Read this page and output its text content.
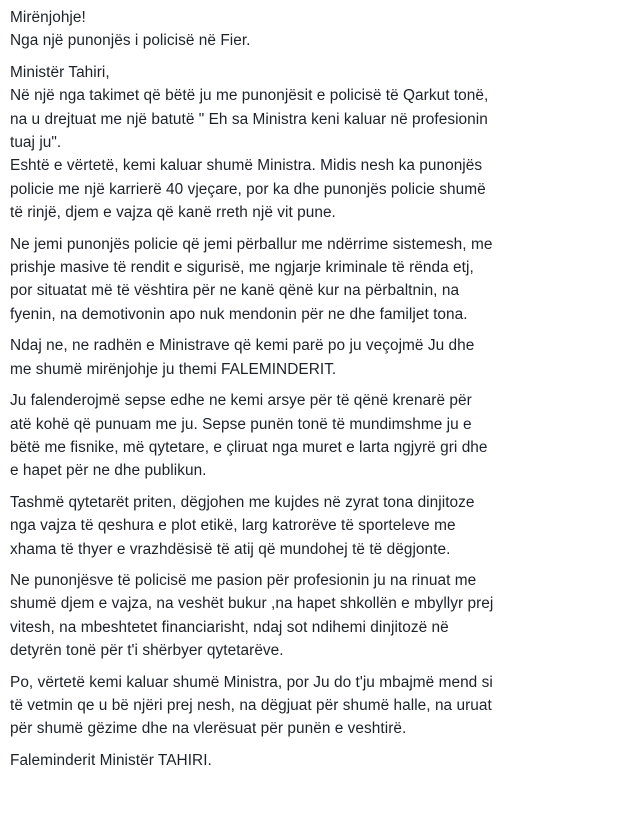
Mirënjohje!
Nga një punonjës i policisë në Fier.
Ministër Tahiri,
Në një nga takimet që bëtë ju me punonjësit e policisë të Qarkut tonë,
na u drejtuat me një batutë " Eh sa Ministra keni kaluar në profesionin
tuaj ju".
Eshtë e vërtetë, kemi kaluar shumë Ministra. Midis nesh ka punonjës
policie me një karrierë 40 vjeçare, por ka dhe punonjës policie shumë
të rinjë, djem e vajza që kanë rreth një vit pune.
Ne jemi punonjës policie që jemi përballur me ndërrime sistemesh, me
prishje masive të rendit e sigurisë, me ngjarje kriminale të rënda etj,
por situatat më të vështira për ne kanë qënë kur na përbaltnin, na
fyenin, na demotivonin apo nuk mendonin për ne dhe familjet tona.
Ndaj ne, ne radhën e Ministrave që kemi parë po ju veçojmë Ju dhe
me shumë mirënjohje ju themi FALEMINDERIT.
Ju falenderojmë sepse edhe ne kemi arsye për të qënë krenarë për
atë kohë që punuam me ju. Sepse punën tonë të mundimshme ju e
bëtë me fisnike, më qytetare, e çliruat nga muret e larta ngjyrë gri dhe
e hapet për ne dhe publikun.
Tashmë qytetarët priten, dëgjohen me kujdes në zyrat tona dinjitoze
nga vajza të qeshura e plot etikë, larg katrorëve të sporteleve me
xhama të thyer e vrazhdësisë të atij që mundohej të të dëgjonte.
Ne punonjësve të policisë me pasion për profesionin ju na rinuat me
shumë djem e vajza, na veshët bukur ,na hapet shkollën e mbyllyr prej
vitesh, na mbeshtetet financiarisht, ndaj sot ndihemi dinjitozë në
detyrën tonë për t'i shërbyer qytetarëve.
Po, vërtetë kemi kaluar shumë Ministra, por Ju do t'ju mbajmë mend si
të vetmin qe u bë njëri prej nesh, na dëgjuat për shumë halle, na uruat
për shumë gëzime dhe na vlerësuat për punën e veshtirë.
Faleminderit Ministër TAHIRI.
